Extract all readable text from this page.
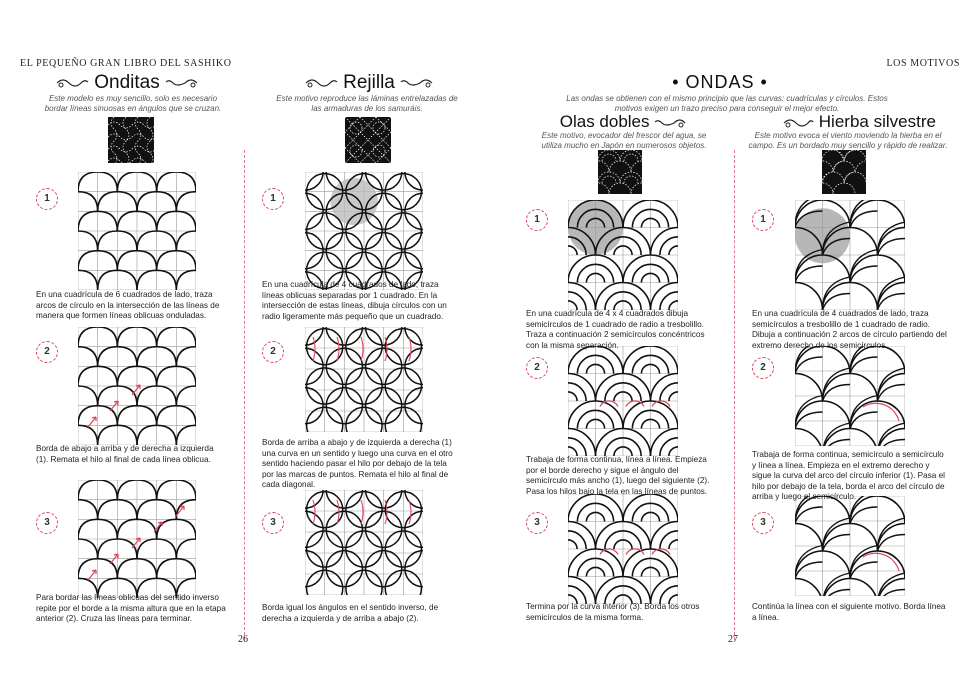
EL PEQUEÑO GRAN LIBRO DEL SASHIKO
Onditas
Este modelo es muy sencillo, solo es necesario bordar líneas sinuosas en ángulos que se cruzan.
1
En una cuadrícula de 6 cuadrados de lado, traza arcos de círculo en la intersección de las líneas de manera que formen líneas oblicuas onduladas.
2
Borda de abajo a arriba y de derecha a izquierda (1). Remata el hilo al final de cada línea oblicua.
3
Para bordar las líneas oblicuas del sentido inverso repite por el borde a la misma altura que en la etapa anterior (2). Cruza las líneas para terminar.
Rejilla
Este motivo reproduce las láminas entrelazadas de las armaduras de los samuráis.
1
En una cuadrícula de 4 cuadrados de lado, traza líneas oblicuas separadas por 1 cuadrado. En la intersección de estas líneas, dibuja círculos con un radio ligeramente más pequeño que un cuadrado.
2
Borda de arriba a abajo y de izquierda a derecha (1) una curva en un sentido y luego una curva en el otro sentido haciendo pasar el hilo por debajo de la tela por las marcas de puntos. Remata el hilo al final de cada diagonal.
3
Borda igual los ángulos en el sentido inverso, de derecha a izquierda y de arriba a abajo (2).
26
LOS MOTIVOS
• ONDAS •
Las ondas se obtienen con el mismo principio que las curvas: cuadrículas y círculos. Estos motivos exigen un trazo preciso para conseguir el mejor efecto.
Olas dobles
Este motivo, evocador del frescor del agua, se utiliza mucho en Japón en numerosos objetos.
1
En una cuadrícula de 4 x 4 cuadrados dibuja semicírculos de 1 cuadrado de radio a tresbolillo. Traza a continuación 2 semicírculos concéntricos con la misma separación.
2
Trabaja de forma continua, línea a línea. Empieza por el borde derecho y sigue el ángulo del semicírculo más ancho (1), luego del siguiente (2). Pasa los hilos bajo la tela en las líneas de puntos.
3
Termina por la curva interior (3). Borda los otros semicírculos de la misma forma.
Hierba silvestre
Este motivo evoca el viento moviendo la hierba en el campo. Es un bordado muy sencillo y rápido de realizar.
1
En una cuadrícula de 4 cuadrados de lado, traza semicírculos a tresbolillo de 1 cuadrado de radio. Dibuja a continuación 2 arcos de círculo partiendo del extremo derecho de los semicírculos.
2
Trabaja de forma continua, semicírculo a semicírculo y línea a línea. Empieza en el extremo derecho y sigue la curva del arco del círculo inferior (1). Pasa el hilo por debajo de la tela, borda el arco del círculo de arriba y luego el semicírculo.
3
Continúa la línea con el siguiente motivo. Borda línea a línea.
27
